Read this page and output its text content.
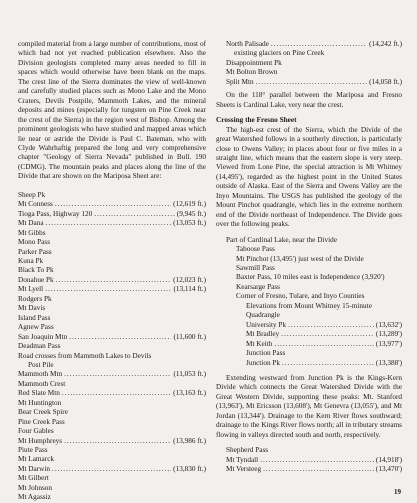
compiled material from a large number of contributions, most of which had not yet reached publication elsewhere. Also the Division geologists completed many areas needed to fill in spaces which would otherwise have been blank on the maps. The crest line of the Sierra dominates the view of well-known and carefully studied places such as Mono Lake and the Mono Craters, Devils Postpile, Mammoth Lakes, and the mineral deposits and mines (especially for tungsten on Pine Creek near the crest of the Sierra) in the region west of Bishop. Among the prominent geologists who have studied and mapped areas which lie near or astride the Divide is Paul C. Bateman, who with Clyde Wahrhaftig prepared the long and very comprehensive chapter "Geology of Sierra Nevada" published in Bull. 190 (CDMG). The mountain peaks and places along the line of the Divide that are shown on the Mariposa Sheet are:

Sheep Pk
Mt Conness .....	(12,619 ft.)
Tioga Pass, Highway 120 .....	(9,945 ft.)
Mt Dana .....	(13,053 ft.)
Mt Gibbs
Mono Pass
Parker Pass
Kuna Pk
Black To Pk
Donahue Pk .....	(12,023 ft.)
Mt Lyell .....	(13,114 ft.)
Rodgers Pk
Mt Davis
Island Pass
Agnew Pass
San Joaquin Mtn .....	(11,600 ft.)
Deadman Pass
Road crosses from Mammoth Lakes to Devils
Post Pile
Mammoth Mtn .....	(11,053 ft.)
Mammoth Crest
Red Slate Mtn .....	(13,163 ft.)
Mt Huntington
Bear Creek Spire
Pine Creek Pass
Four Gables
Mt Humphreys .....	(13,986 ft.)
Piute Pass
Mt Lamarck
Mt Darwin .....	(13,830 ft.)
Mt Gilbert
Mt Johnson
Mt Agassiz
North Palisade .....	(14,242 ft.)
existing glaciers on Pine Creek
Disappointment Pk
Mt Bolton Brown
Split Mtn .....	(14,058 ft.)

On the 118° parallel between the Mariposa and Fresno Sheets is Cardinal Lake, very near the crest.

Crossing the Fresno Sheet

The high-est crest of the Sierra, which the Divide of the great Watershed follows in a southerly direction, is particularly close to Owens Valley; in places about four or five miles in a straight line, which means that the eastern slope is very steep. Viewed from Lone Pine, the special attraction is Mt Whitney (14,495'), regarded as the highest point in the United States outside of Alaska. East of the Sierra and Owens Valley are the Inyo Mountains. The USGS has published the geology of the Mount Pinchot quadrangle, which lies in the extreme northern end of the Divide northeast of Independence. The Divide goes over the following peaks.

Part of Cardinal Lake, near the Divide
Taboose Pass
Mt Pinchot (13,495') just west of the Divide
Sawmill Pass
Baxter Pass, 10 miles east is Independence (3,920')
Kearsarge Pass
Corner of Fresno, Tulare, and Inyo Counties
Elevations from Mount Whitney 15-minute
Quadrangle
University Pk .....	(13,632')
Mt Bradley .....	(13,289')
Mt Keith .....	(13,977')
Junction Pass
Junction Pk .....	(13,388')

Extending westward from Junction Pk is the Kings-Kern Divide which connects the Great Watershed Divide with the Great Western Divide, supporting these peaks: Mt. Stanford (13,963'), Mt Ericsson (13,608'), Mt Genevra (13,055'), and Mt Jordan (13,344'). Drainage to the Kern River flows southward; drainage to the Kings River flows north; all in tributary streams flowing in valleys directed south and north, respectively.

Shepherd Pass
Mt Tyndall .....	(14,918')
Mt Versteeg .....	(13,470')
19
